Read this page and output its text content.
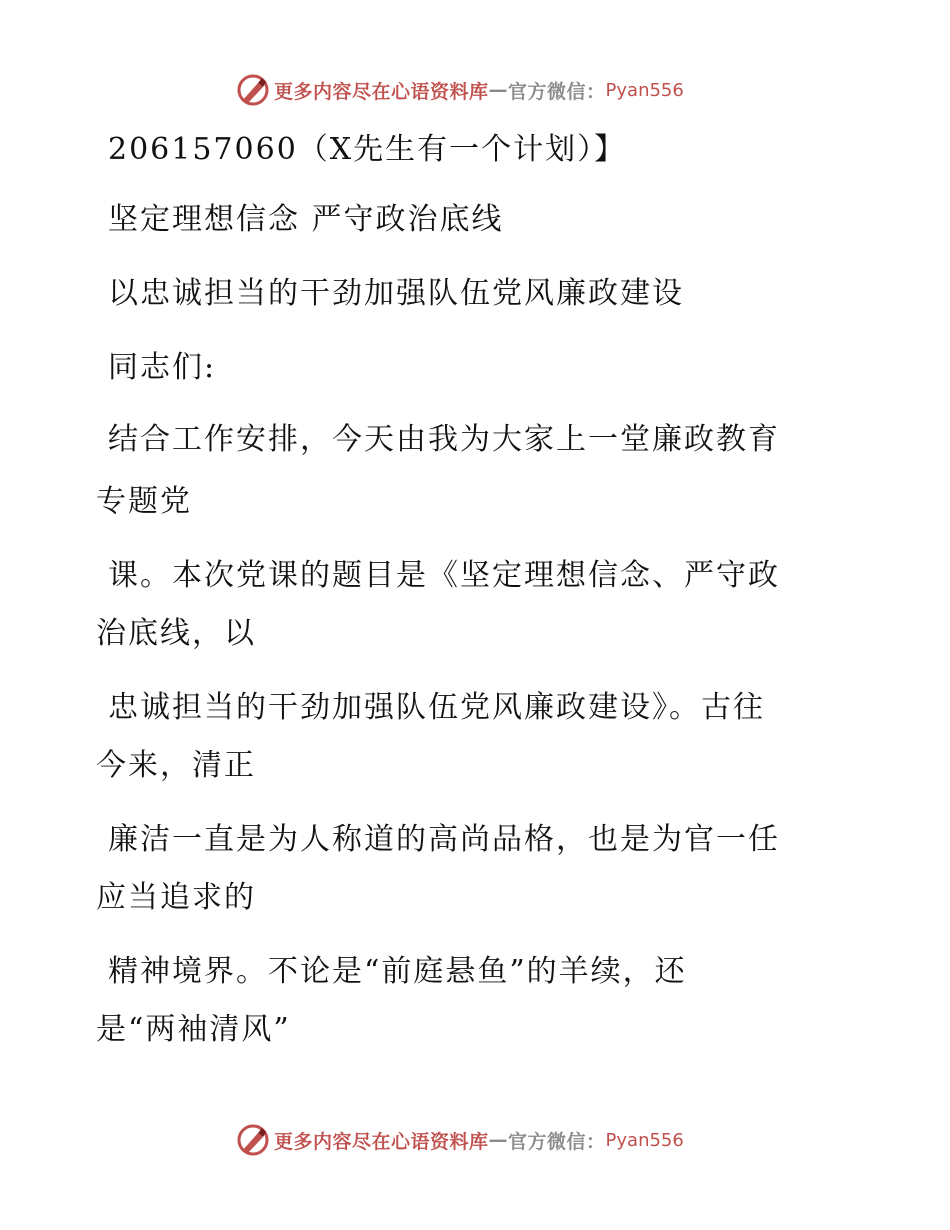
更多内容尽在心语资料库 — 官方微信： Pyan556
206157060（X先生有一个计划）】
坚定理想信念 严守政治底线
以忠诚担当的干劲加强队伍党风廉政建设
同志们:
结合工作安排，今天由我为大家上一堂廉政教育
专题党
课。本次党课的题目是《坚定理想信念、严守政
治底线，以
忠诚担当的干劲加强队伍党风廉政建设》。古往
今来，清正
廉洁一直是为人称道的高尚品格，也是为官一任
应当追求的
精神境界。不论是“前庭悬鱼”的羊续，还
是“两袖清风”
更多内容尽在心语资料库 — 官方微信： Pyan556
